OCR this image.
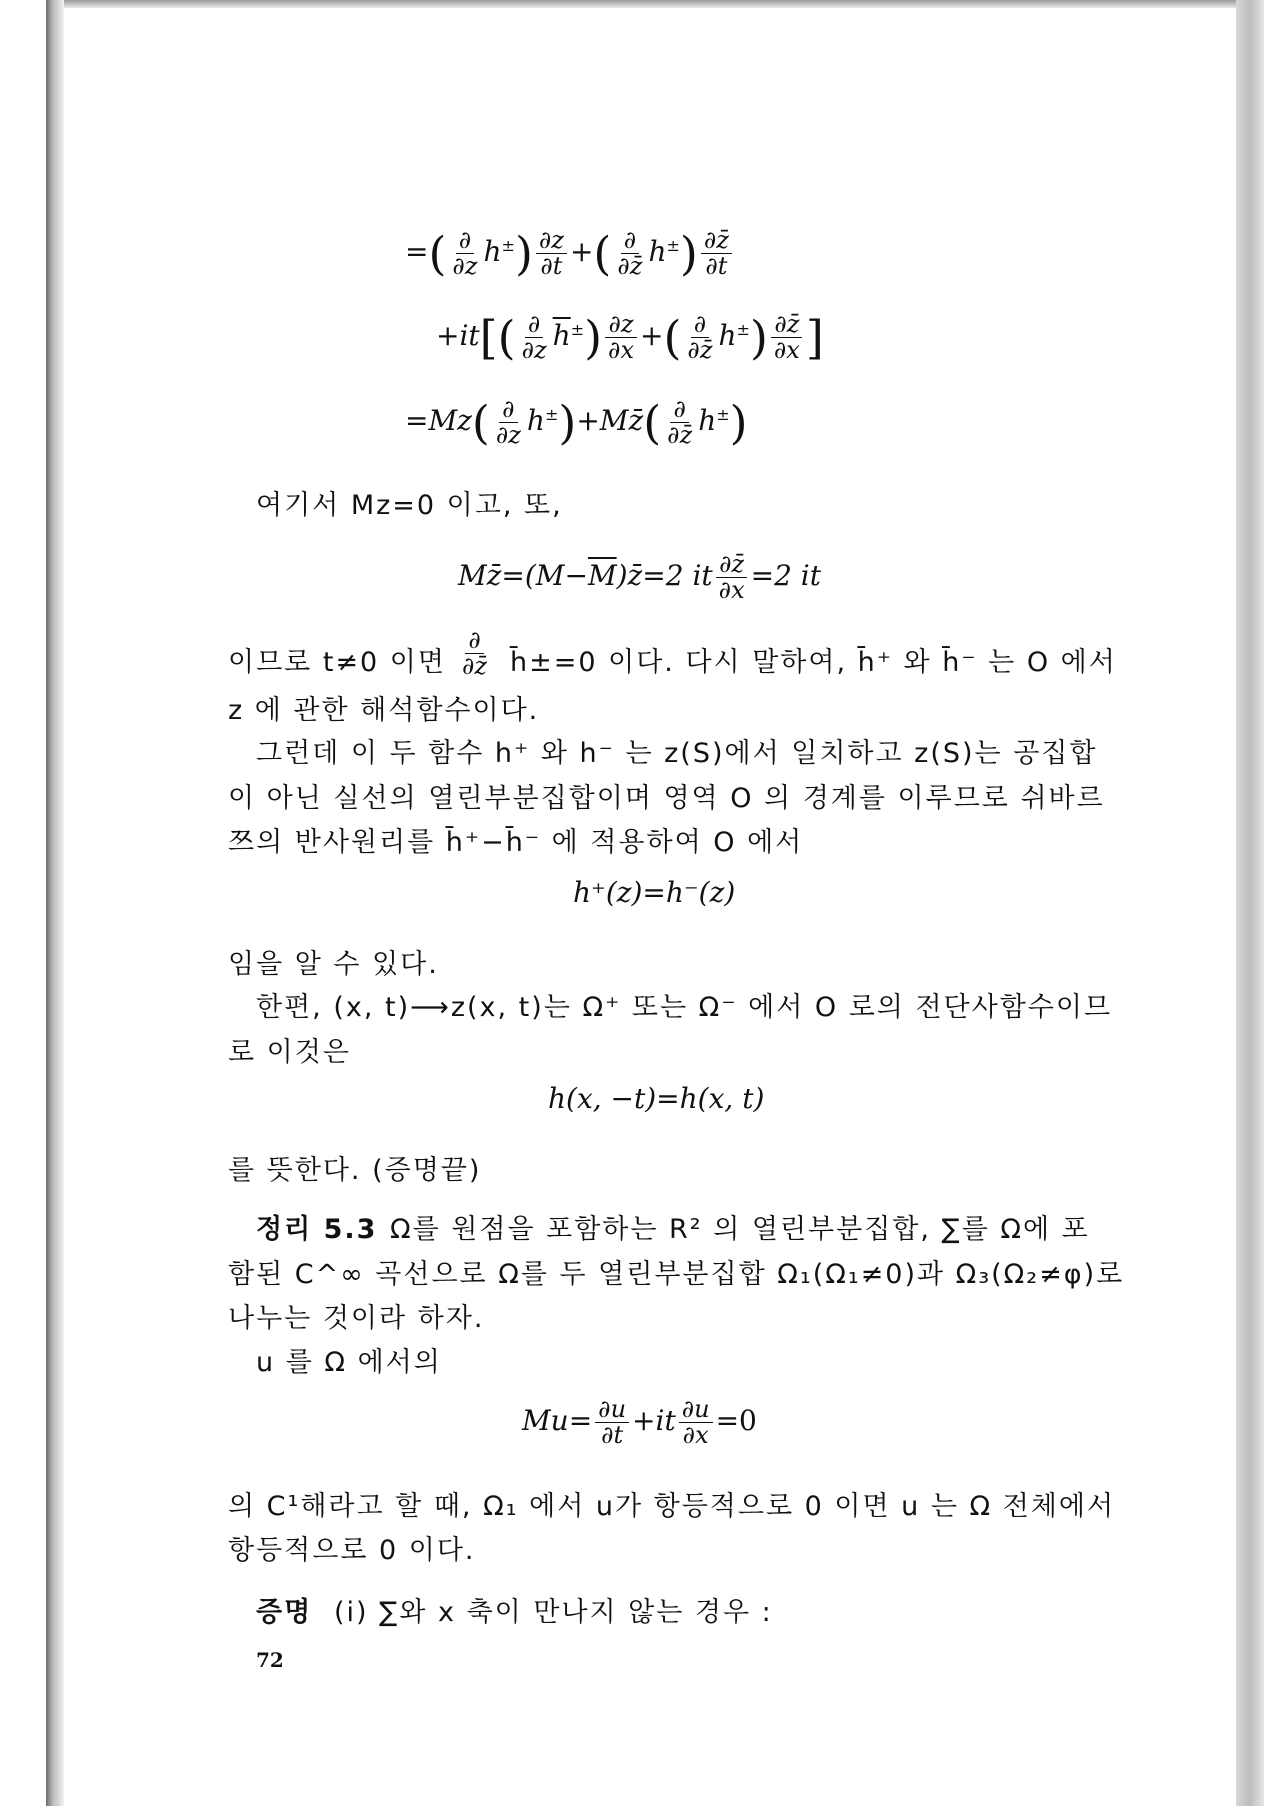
=( $\frac{\partial}{\partial z} h^\pm) \frac{\partial z}{\partial t}$ +( $\frac{\partial}{\partial z̄} h^\pm) \frac{\partial z̄}{\partial t}$
$+it[( \frac{\partial}{\partial z} \overline{h}^\pm) \frac{\partial z}{\partial x}$ +( $\frac{\partial}{\partial z̄} h^\pm) \frac{\partial z̄}{\partial x}$ ]
$=Mz( \frac{\partial}{\partial z}$ h±)+Mz̄( $\frac{\partial}{\partial z̄} h^\pm$)
여기서 Mz=0 이고, 또,
$Mz̄=(M-\overline{M})z̄=2$ it $\frac{\partial z̄}{\partial x} =2$ it
이므로 t≠0 이면 $\frac{\partial}{\partial z̄}$ h̄±=0 이다. 다시 말하여, h̄⁺ 와 h̄⁻ 는 O 에서
z 에 관한 해석함수이다.
그런데 이 두 함수 h⁺ 와 h⁻ 는 z(S)에서 일치하고 z(S)는 공집합
이 아닌 실선의 열린부분집합이며 영역 O 의 경계를 이루므로 쉬바르
쯔의 반사원리를 h̄⁺−h̄⁻ 에 적용하여 O 에서
h⁺(z)=h⁻(z)
임을 알 수 있다.
한편, (x, t)⟶z(x, t)는 Ω⁺ 또는 Ω⁻ 에서 O 로의 전단사함수이므
로 이것은
h(x, −t)=h(x, t)
를 뜻한다. (증명끝)
정리 5.3 Ω를 원점을 포함하는 R² 의 열린부분집합, ∑를 Ω에 포
함된 C^∞ 곡선으로 Ω를 두 열린부분집합 Ω₁(Ω₁≠0)과 Ω₃(Ω₂≠φ)로
나누는 것이라 하자.
u 를 Ω 에서의
$Mu= \frac{\partial u}{\partial t} +it \frac{\partial u}{\partial x} =0$
의 C¹해라고 할 때, Ω₁ 에서 u가 항등적으로 0 이면 u 는 Ω 전체에서
항등적으로 0 이다.
증명 (i) ∑와 x 축이 만나지 않는 경우 :
72
